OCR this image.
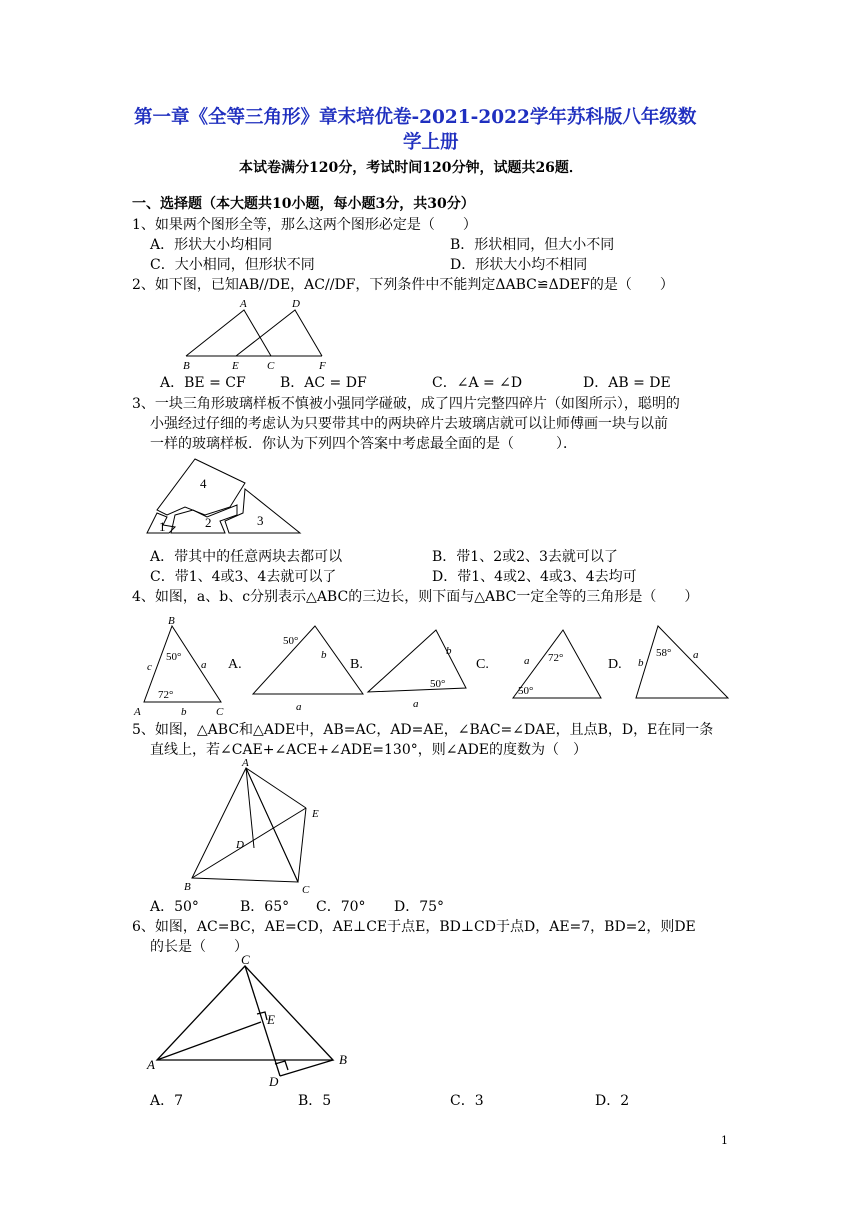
第一章《全等三角形》章末培优卷-2021-2022学年苏科版八年级数
学上册
本试卷满分120分，考试时间120分钟，试题共26题．
一、选择题（本大题共10小题，每小题3分，共30分）
1、如果两个图形全等，那么这两个图形必定是（　　）
A．形状大小均相同	B．形状相同，但大小不同
C．大小相同，但形状不同	D．形状大小均不相同
2、如下图，已知AB//DE，AC//DF，下列条件中不能判定ΔABC≌ΔDEF的是（　　）
A	D
B	E	C	F
A．BE = CF B．AC = DF	C．∠A = ∠D	D．AB = DE
3、一块三角形玻璃样板不慎被小强同学碰破，成了四片完整四碎片（如图所示），聪明的
小强经过仔细的考虑认为只要带其中的两块碎片去玻璃店就可以让师傅画一块与以前
一样的玻璃样板．你认为下列四个答案中考虑最全面的是（　　　）．
4
1	2	3
A．带其中的任意两块去都可以	B．带1、2或2、3去就可以了
C．带1、4或3、4去就可以了	D．带1、4或2、4或3、4去均可
4、如图，a、b、c分别表示△ABC的三边长，则下面与△ABC一定全等的三角形是（　　）
B
50°
c	a
72°
A	b	C
A.
50°
b
a
B.
b
50°
a
C.	a 72°
50°
D. b
58° a
5、如图，△ABC和△ADE中，AB=AC，AD=AE，∠BAC=∠DAE，且点B，D，E在同一条
直线上，若∠CAE+∠ACE+∠ADE=130°，则∠ADE的度数为（　）
A
E
D
B	C
A．50°	B．65° C．70° D．75°
6、如图，AC=BC，AE=CD，AE⊥CE于点E，BD⊥CD于点D，AE=7，BD=2，则DE
的长是（　　）
C
E
A	B
D
A．7	B．5	C．3	D．2
1
